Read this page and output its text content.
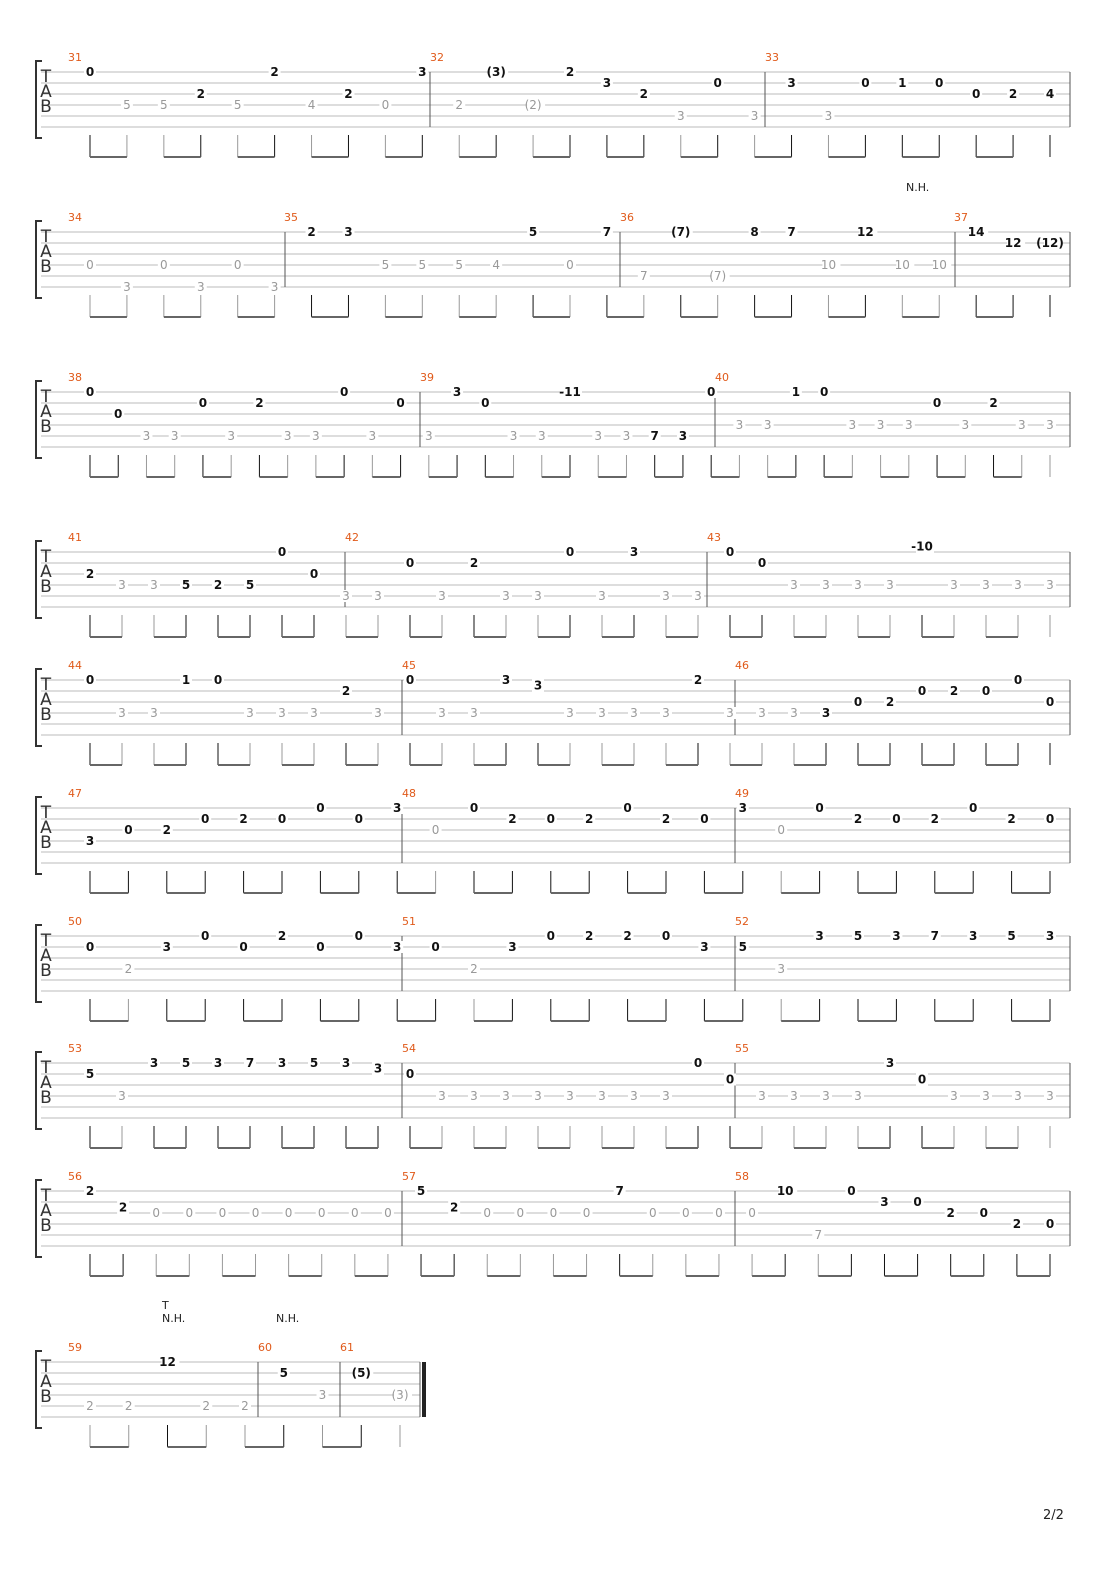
T
A
B
31	32	33
0
5 5
2
5
2
4
2
0
3
2
(3)
(2)
2
3
2
3
0
3
3
3
0 1 0
0 2 4
T
A
B
34	35	36	37
N.H.
0
3
0
3
0
3
2 3
5 5 5 4
5
0
7
7
(7)
(7)
8 7
10
12
10 10
14
12 (12)
T
A
B
38	39	40
0
0
3 3
0
3
2
3 3
0
3
0
3
3
0
3 3
-11
3 3 7 3
0
3 3
1 0
3 3 3
0
3
2
3 3
T
A
B
41	42	43
2
3 3 5 2 5
0
0
3 3
0
3
2
3 3
0
3
3
3 3
0
0
3 3 3 3
-10
3 3 3 3
T
A
B
44	45	46
0
3 3
1 0
3 3 3
2
3
0
3 3
3 3
3 3 3 3
2
3 3 3 3
0 2
0 2 0
0
0
T
A
B
47	48	49
3
0	2
0	2	0
0
0
3
0
0
2	0	2
0
2	0
3
0
0
2	0	2
0
2	0
T
A
B
50	51	52
0
2
3
0
0
2
0
0
3	0
2
3
0	2	2	0
3	5
3
3	5	3	7	3	5	3
T
A
B
53	54	55
5
3
3 5 3 7 3 5 3 3 0
3 3 3 3 3 3 3 3
0
0
3 3 3 3
3
0
3 3 3 3
T
A
B
56	57	58
2
2 0 0 0 0 0 0 0 0
5
2 0 0 0 0
7
0 0 0 0
10
7
0
3 0
2 0
2 0
T
A
B
59	60	61
T
N.H.	N.H.
2	2
12
2	2
5
3
(5)
(3)
2/2
